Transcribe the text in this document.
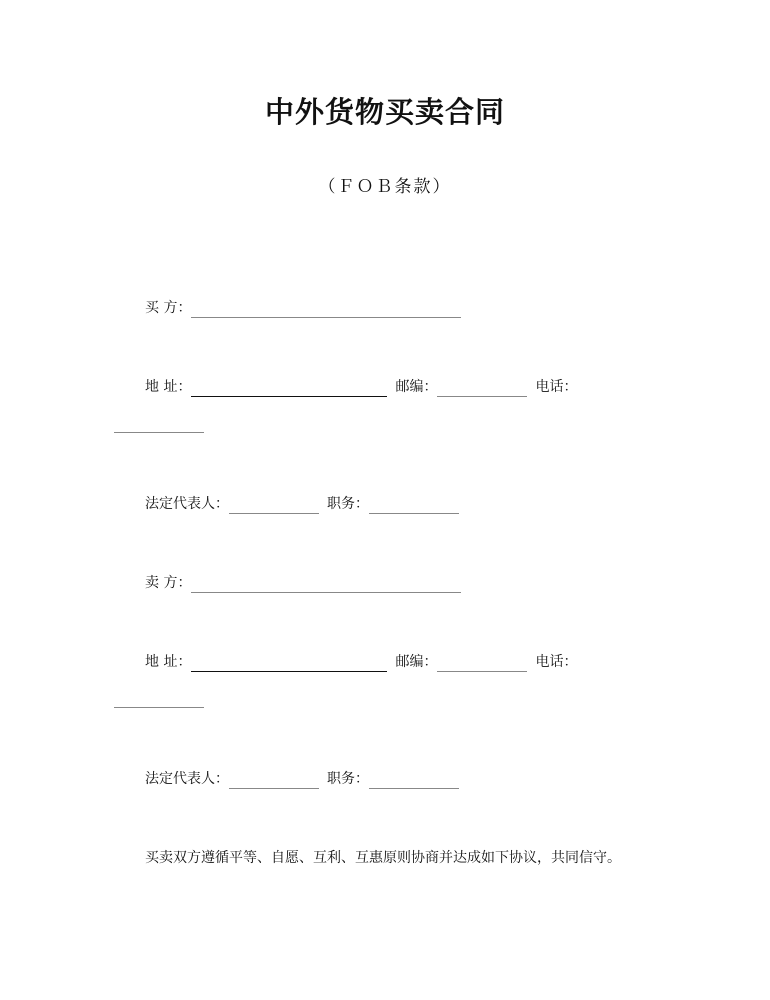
中外货物买卖合同
（ＦＯＢ条款）
买 方：
地 址：	邮编：	电话：
法定代表人：	职务：
卖 方：
地 址：	邮编：	电话：
法定代表人：	职务：
买卖双方遵循平等、自愿、互利、互惠原则协商并达成如下协议，共同信守。
